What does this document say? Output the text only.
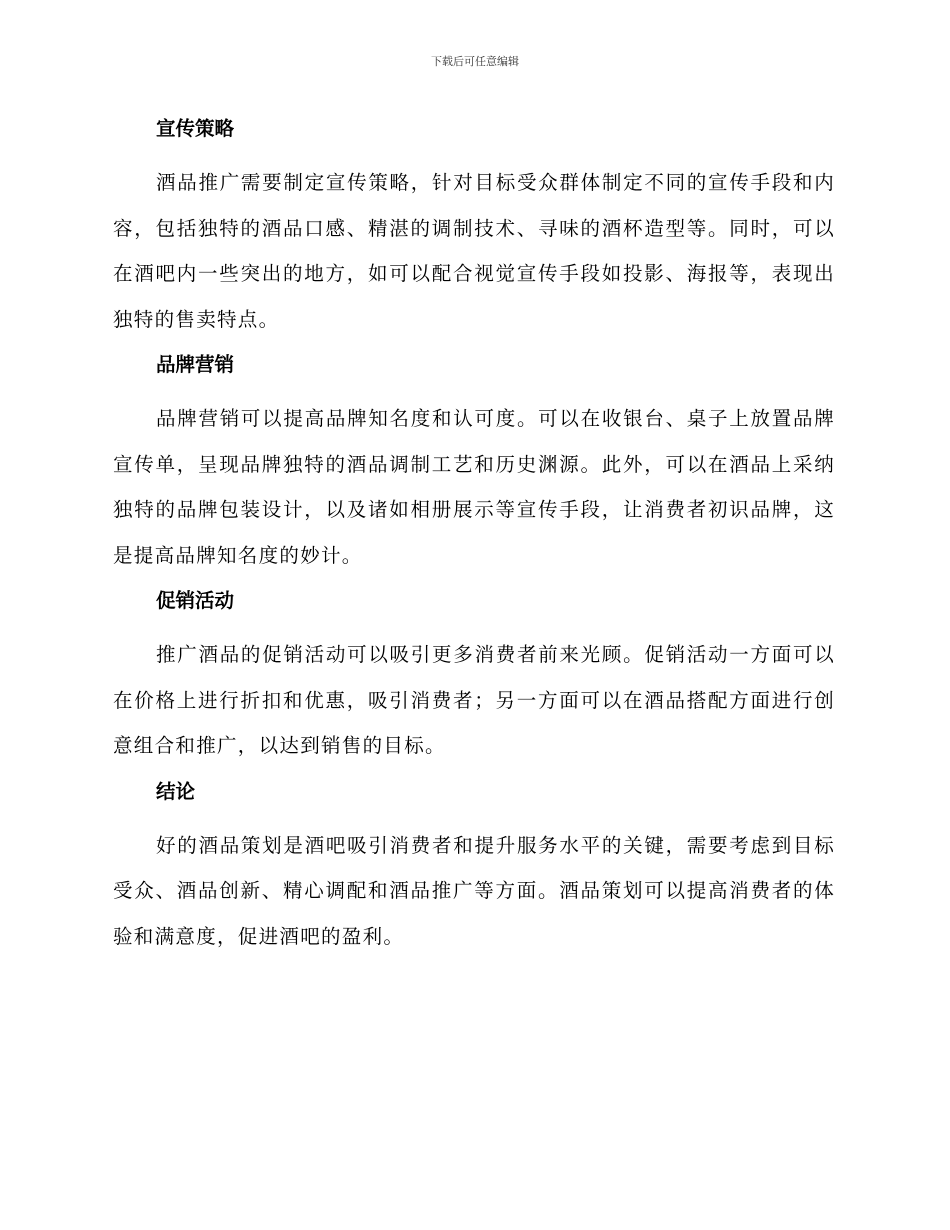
下载后可任意编辑
宣传策略
酒品推广需要制定宣传策略，针对目标受众群体制定不同的宣传手段和内容，包括独特的酒品口感、精湛的调制技术、寻味的酒杯造型等。同时，可以在酒吧内一些突出的地方，如可以配合视觉宣传手段如投影、海报等，表现出独特的售卖特点。
品牌营销
品牌营销可以提高品牌知名度和认可度。可以在收银台、桌子上放置品牌宣传单，呈现品牌独特的酒品调制工艺和历史渊源。此外，可以在酒品上采纳独特的品牌包装设计，以及诸如相册展示等宣传手段，让消费者初识品牌，这是提高品牌知名度的妙计。
促销活动
推广酒品的促销活动可以吸引更多消费者前来光顾。促销活动一方面可以在价格上进行折扣和优惠，吸引消费者；另一方面可以在酒品搭配方面进行创意组合和推广，以达到销售的目标。
结论
好的酒品策划是酒吧吸引消费者和提升服务水平的关键，需要考虑到目标受众、酒品创新、精心调配和酒品推广等方面。酒品策划可以提高消费者的体验和满意度，促进酒吧的盈利。
